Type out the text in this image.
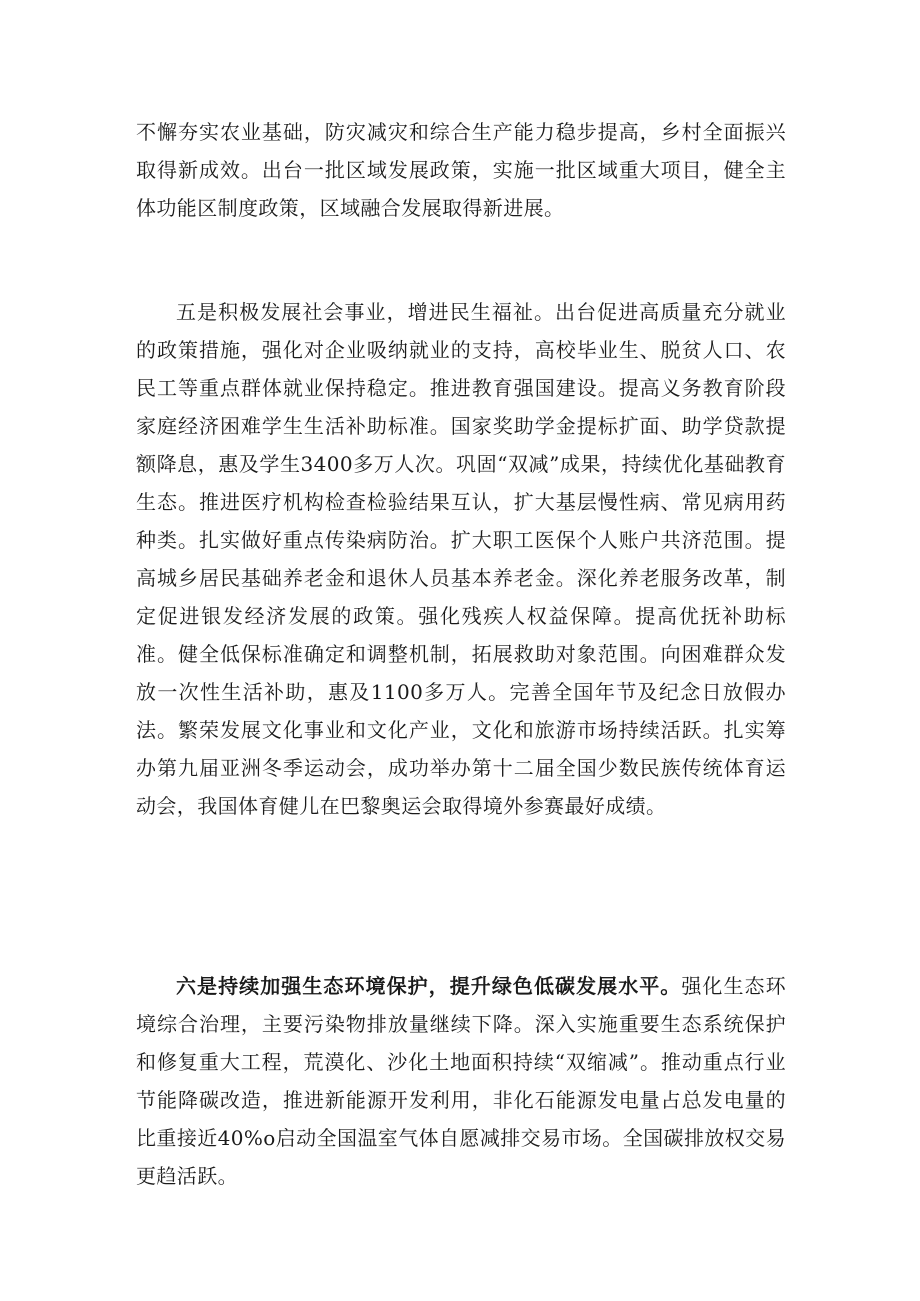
不懈夯实农业基础，防灾减灾和综合生产能力稳步提高，乡村全面振兴取得新成效。出台一批区域发展政策，实施一批区域重大项目，健全主体功能区制度政策，区域融合发展取得新进展。

五是积极发展社会事业，增进民生福祉。出台促进高质量充分就业的政策措施，强化对企业吸纳就业的支持，高校毕业生、脱贫人口、农民工等重点群体就业保持稳定。推进教育强国建设。提高义务教育阶段家庭经济困难学生生活补助标准。国家奖助学金提标扩面、助学贷款提额降息，惠及学生3400多万人次。巩固“双减”成果，持续优化基础教育生态。推进医疗机构检查检验结果互认，扩大基层慢性病、常见病用药种类。扎实做好重点传染病防治。扩大职工医保个人账户共济范围。提高城乡居民基础养老金和退休人员基本养老金。深化养老服务改革，制定促进银发经济发展的政策。强化残疾人权益保障。提高优抚补助标准。健全低保标准确定和调整机制，拓展救助对象范围。向困难群众发放一次性生活补助，惠及1100多万人。完善全国年节及纪念日放假办法。繁荣发展文化事业和文化产业，文化和旅游市场持续活跃。扎实筹办第九届亚洲冬季运动会，成功举办第十二届全国少数民族传统体育运动会，我国体育健儿在巴黎奥运会取得境外参赛最好成绩。

六是持续加强生态环境保护，提升绿色低碳发展水平。强化生态环境综合治理，主要污染物排放量继续下降。深入实施重要生态系统保护和修复重大工程，荒漠化、沙化土地面积持续“双缩减”。推动重点行业节能降碳改造，推进新能源开发利用，非化石能源发电量占总发电量的比重接近40%o启动全国温室气体自愿减排交易市场。全国碳排放权交易更趋活跃。
